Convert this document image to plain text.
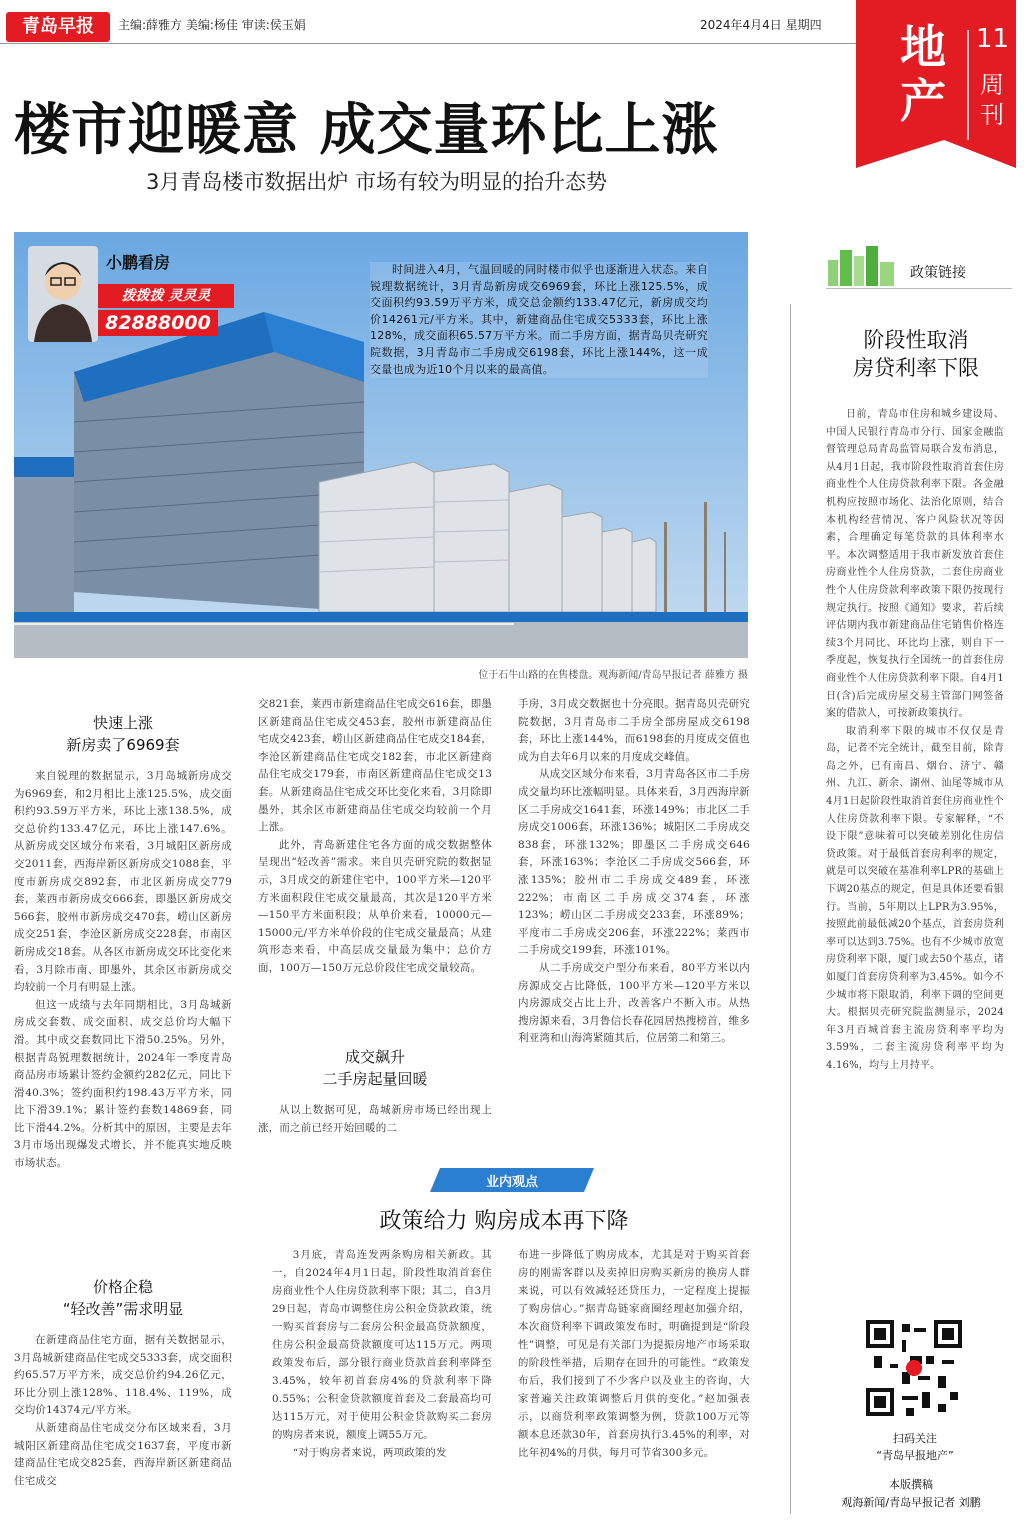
青岛早报	主编:薛雅方 美编:杨佳 审读:侯玉娟	2024年4月4日 星期四 地产
11
周刊
楼市迎暖意 成交量环比上涨
3月青岛楼市数据出炉 市场有较为明显的抬升态势
小鹏看房
拨拨拨 灵灵灵
82888000
时间进入4月，气温回暖的同时楼市似乎也逐渐进入状态。来自锐理数据统计，3月青岛新房成交6969套，环比上涨125.5%，成交面积约93.59万平方米，成交总金额约133.47亿元，新房成交均价14261元/平方米。其中，新建商品住宅成交5333套，环比上涨128%，成交面积65.57万平方米。而二手房方面，据青岛贝壳研究院数据，3月青岛市二手房成交6198套，环比上涨144%，这一成交量也成为近10个月以来的最高值。
位于石牛山路的在售楼盘。观海新闻/青岛早报记者 薛雅方 摄
快速上涨
新房卖了6969套

来自锐理的数据显示，3月岛城新房成交为6969套，和2月相比上涨125.5%，成交面积约93.59万平方米，环比上涨138.5%，成交总价约133.47亿元，环比上涨147.6%。从新房成交区域分布来看，3月城阳区新房成交2011套，西海岸新区新房成交1088套，平度市新房成交892套，市北区新房成交779套，莱西市新房成交666套，即墨区新房成交566套，胶州市新房成交470套，崂山区新房成交251套，李沧区新房成交228套，市南区新房成交18套。从各区市新房成交环比变化来看，3月除市南、即墨外，其余区市新房成交均较前一个月有明显上涨。

但这一成绩与去年同期相比，3月岛城新房成交套数、成交面积、成交总价均大幅下滑。其中成交套数同比下滑50.25%。另外，根据青岛锐理数据统计，2024年一季度青岛商品房市场累计签约金额约282亿元，同比下滑40.3%；签约面积约198.43万平方米，同比下滑39.1%；累计签约套数14869套，同比下滑44.2%。分析其中的原因，主要是去年3月市场出现爆发式增长，并不能真实地反映市场状态。

价格企稳
“轻改善”需求明显

在新建商品住宅方面，据有关数据显示，3月岛城新建商品住宅成交5333套，成交面积约65.57万平方米，成交总价约94.26亿元，环比分别上涨128%、118.4%、119%，成交均价14374元/平方米。

从新建商品住宅成交分布区域来看，3月城阳区新建商品住宅成交1637套，平度市新建商品住宅成交825套，西海岸新区新建商品住宅成交

交821套，莱西市新建商品住宅成交616套，即墨区新建商品住宅成交453套，胶州市新建商品住宅成交423套，崂山区新建商品住宅成交184套，李沧区新建商品住宅成交182套，市北区新建商品住宅成交179套，市南区新建商品住宅成交13套。从新建商品住宅成交环比变化来看，3月除即墨外，其余区市新建商品住宅成交均较前一个月上涨。

此外，青岛新建住宅各方面的成交数据整体呈现出“轻改善”需求。来自贝壳研究院的数据显示，3月成交的新建住宅中，100平方米—120平方米面积段住宅成交量最高，其次是120平方米—150平方米面积段；从单价来看，10000元—15000元/平方米单价段的住宅成交量最高；从建筑形态来看，中高层成交量最为集中；总价方面，100万—150万元总价段住宅成交量较高。

成交飙升
二手房起量回暖

从以上数据可见，岛城新房市场已经出现上涨，而之前已经开始回暖的二

手房，3月成交数据也十分亮眼。据青岛贝壳研究院数据，3月青岛市二手房全部房屋成交6198套，环比上涨144%，而6198套的月度成交值也成为自去年6月以来的月度成交峰值。

从成交区域分布来看，3月青岛各区市二手房成交量均环比涨幅明显。具体来看，3月西海岸新区二手房成交1641套，环涨149%；市北区二手房成交1006套，环涨136%；城阳区二手房成交838套，环涨132%；即墨区二手房成交646套，环涨163%；李沧区二手房成交566套，环涨135%；胶州市二手房成交489套，环涨222%；市南区二手房成交374套，环涨123%；崂山区二手房成交233套，环涨89%；平度市二手房成交206套，环涨222%；莱西市二手房成交199套，环涨101%。

从二手房成交户型分布来看，80平方米以内房源成交占比降低，100平方米—120平方米以内房源成交占比上升，改善客户不断入市。从热搜房源来看，3月鲁信长春花园居热搜榜首，维多利亚湾和山海湾紧随其后，位居第二和第三。

业内观点
政策给力 购房成本再下降

3月底，青岛连发两条购房相关新政。其一，自2024年4月1日起，阶段性取消首套住房商业性个人住房贷款利率下限；其二，自3月29日起，青岛市调整住房公积金贷款政策，统一购买首套房与二套房公积金最高贷款额度，住房公积金最高贷款额度可达115万元。两项政策发布后，部分银行商业贷款首套利率降至3.45%，较年初首套房4%的贷款利率下降0.55%；公积金贷款额度首套及二套最高均可达115万元，对于使用公积金贷款购买二套房的购房者来说，额度上调55万元。

“对于购房者来说，两项政策的发

布进一步降低了购房成本，尤其是对于购买首套房的刚需客群以及卖掉旧房购买新房的换房人群来说，可以有效减轻还贷压力，一定程度上提振了购房信心。”据青岛链家商圈经理赵加强介绍，本次商贷利率下调政策发布时，明确提到是“阶段性”调整，可见是有关部门为提振房地产市场采取的阶段性举措，后期存在回升的可能性。“政策发布后，我们接到了不少客户以及业主的咨询，大家普遍关注政策调整后月供的变化。”赵加强表示，以商贷利率政策调整为例，贷款100万元等额本息还款30年，首套房执行3.45%的利率，对比年初4%的月供，每月可节省300多元。

政策链接
阶段性取消
房贷利率下限

日前，青岛市住房和城乡建设局、中国人民银行青岛市分行、国家金融监督管理总局青岛监管局联合发布消息，从4月1日起，我市阶段性取消首套住房商业性个人住房贷款利率下限。各金融机构应按照市场化、法治化原则，结合本机构经营情况、客户风险状况等因素，合理确定每笔贷款的具体利率水平。本次调整适用于我市新发放首套住房商业性个人住房贷款，二套住房商业性个人住房贷款利率政策下限仍按现行规定执行。按照《通知》要求，若后续评估期内我市新建商品住宅销售价格连续3个月同比、环比均上涨，则自下一季度起，恢复执行全国统一的首套住房商业性个人住房贷款利率下限。自4月1日(含)后完成房屋交易主管部门网签备案的借款人，可按新政策执行。

取消利率下限的城市不仅仅是青岛，记者不完全统计，截至目前，除青岛之外，已有南昌、烟台、济宁、赣州、九江、新余、湖州、汕尾等城市从4月1日起阶段性取消首套住房商业性个人住房贷款利率下限。专家解释，“不设下限”意味着可以突破差别化住房信贷政策。对于最低首套房利率的规定，就是可以突破在基准利率LPR的基础上下调20基点的规定，但是具体还要看银行。当前，5年期以上LPR为3.95%，按照此前最低减20个基点，首套房贷利率可以达到3.75%。也有不少城市放宽房贷利率下限，厦门或去50个基点，诸如厦门首套房贷利率为3.45%。如今不少城市将下限取消，利率下调的空间更大。根据贝壳研究院监测显示，2024年3月百城首套主流房贷利率平均为3.59%，二套主流房贷利率平均为4.16%，均与上月持平。

扫码关注
“青岛早报地产”
本版撰稿
观海新闻/青岛早报记者 刘鹏
